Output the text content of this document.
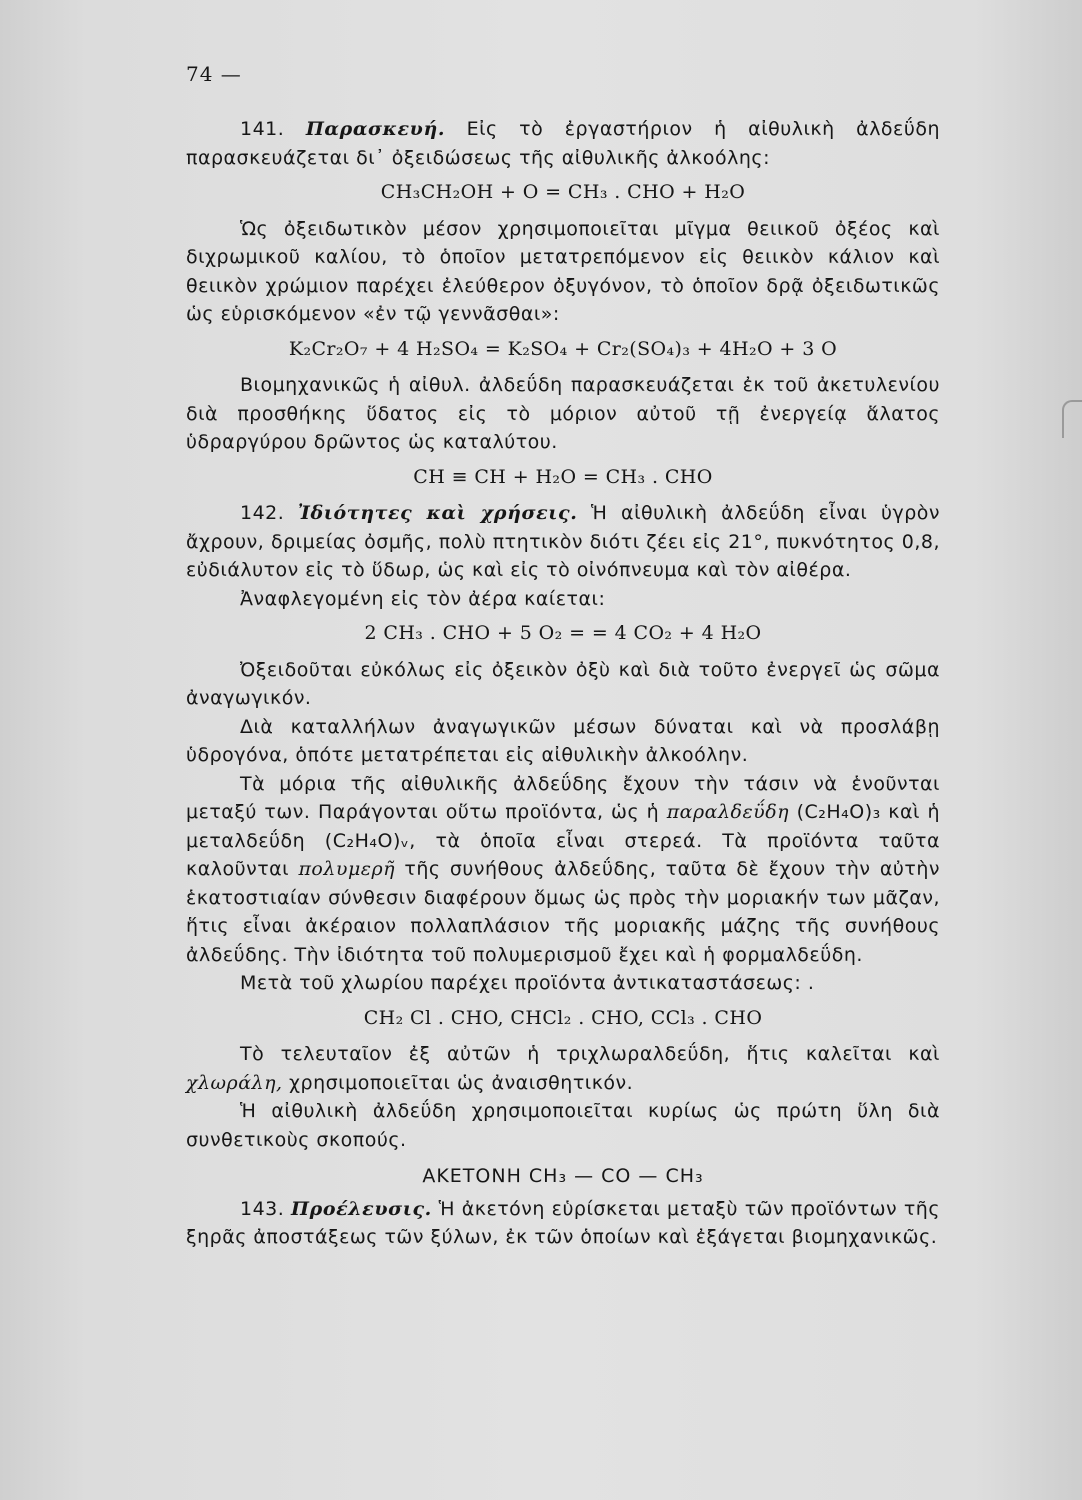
74 —

141. Παρασκευή. Εἰς τὸ ἐργαστήριον ἡ αἰθυλικὴ ἀλδεΰδη παρασκευάζεται δι᾽ ὀξειδώσεως τῆς αἰθυλικῆς ἀλκοόλης:

CH₃CH₂OH + O = CH₃ . CHO + H₂O

Ὡς ὀξειδωτικὸν μέσον χρησιμοποιεῖται μῖγμα θειικοῦ ὀξέος καὶ διχρωμικοῦ καλίου, τὸ ὁποῖον μετατρεπόμενον εἰς θειικὸν κάλιον καὶ θειικὸν χρώμιον παρέχει ἐλεύθερον ὀξυγόνον, τὸ ὁποῖον δρᾷ ὀξειδωτικῶς ὡς εὑρισκόμενον «ἐν τῷ γεννᾶσθαι»:

K₂Cr₂O₇ + 4 H₂SO₄ = K₂SO₄ + Cr₂(SO₄)₃ + 4H₂O + 3 O

Βιομηχανικῶς ἡ αἰθυλ. ἀλδεΰδη παρασκευάζεται ἐκ τοῦ ἀκετυλενίου διὰ προσθήκης ὕδατος εἰς τὸ μόριον αὐτοῦ τῇ ἐνεργείᾳ ἅλατος ὑδραργύρου δρῶντος ὡς καταλύτου.

CH ≡ CH + H₂O = CH₃ . CHO

142. Ἰδιότητες καὶ χρήσεις. Ἡ αἰθυλικὴ ἀλδεΰδη εἶναι ὑγρὸν ἄχρουν, δριμείας ὀσμῆς, πολὺ πτητικὸν διότι ζέει εἰς 21°, πυκνότητος 0,8, εὐδιάλυτον εἰς τὸ ὕδωρ, ὡς καὶ εἰς τὸ οἰνόπνευμα καὶ τὸν αἰθέρα.

Ἀναφλεγομένη εἰς τὸν ἀέρα καίεται:

2 CH₃ . CHO + 5 O₂ = = 4 CO₂ + 4 H₂O

Ὀξειδοῦται εὐκόλως εἰς ὀξεικὸν ὀξὺ καὶ διὰ τοῦτο ἐνεργεῖ ὡς σῶμα ἀναγωγικόν.

Διὰ καταλλήλων ἀναγωγικῶν μέσων δύναται καὶ νὰ προσλάβῃ ὑδρογόνα, ὁπότε μετατρέπεται εἰς αἰθυλικὴν ἀλκοόλην.

Τὰ μόρια τῆς αἰθυλικῆς ἀλδεΰδης ἔχουν τὴν τάσιν νὰ ἑνοῦνται μεταξύ των. Παράγονται οὕτω προϊόντα, ὡς ἡ παραλδεΰδη (C₂H₄O)₃ καὶ ἡ μεταλδεΰδη (C₂H₄O)ᵥ, τὰ ὁποῖα εἶναι στερεά. Τὰ προϊόντα ταῦτα καλοῦνται πολυμερῆ τῆς συνήθους ἀλδεΰδης, ταῦτα δὲ ἔχουν τὴν αὐτὴν ἑκατοστιαίαν σύνθεσιν διαφέρουν ὅμως ὡς πρὸς τὴν μοριακήν των μᾶζαν, ἥτις εἶναι ἀκέραιον πολλαπλάσιον τῆς μοριακῆς μάζης τῆς συνήθους ἀλδεΰδης. Τὴν ἰδιότητα τοῦ πολυμερισμοῦ ἔχει καὶ ἡ φορμαλδεΰδη.

Μετὰ τοῦ χλωρίου παρέχει προϊόντα ἀντικαταστάσεως: .

CH₂ Cl . CHO, CHCl₂ . CHO, CCl₃ . CHO

Τὸ τελευταῖον ἐξ αὐτῶν ἡ τριχλωραλδεΰδη, ἥτις καλεῖται καὶ χλωράλη, χρησιμοποιεῖται ὡς ἀναισθητικόν.

Ἡ αἰθυλικὴ ἀλδεΰδη χρησιμοποιεῖται κυρίως ὡς πρώτη ὕλη διὰ συνθετικοὺς σκοπούς.

ΑΚΕΤΟΝΗ CH₃ — CO — CH₃

143. Προέλευσις. Ἡ ἀκετόνη εὑρίσκεται μεταξὺ τῶν προϊόντων τῆς ξηρᾶς ἀποστάξεως τῶν ξύλων, ἐκ τῶν ὁποίων καὶ ἐξάγεται βιομηχανικῶς.
